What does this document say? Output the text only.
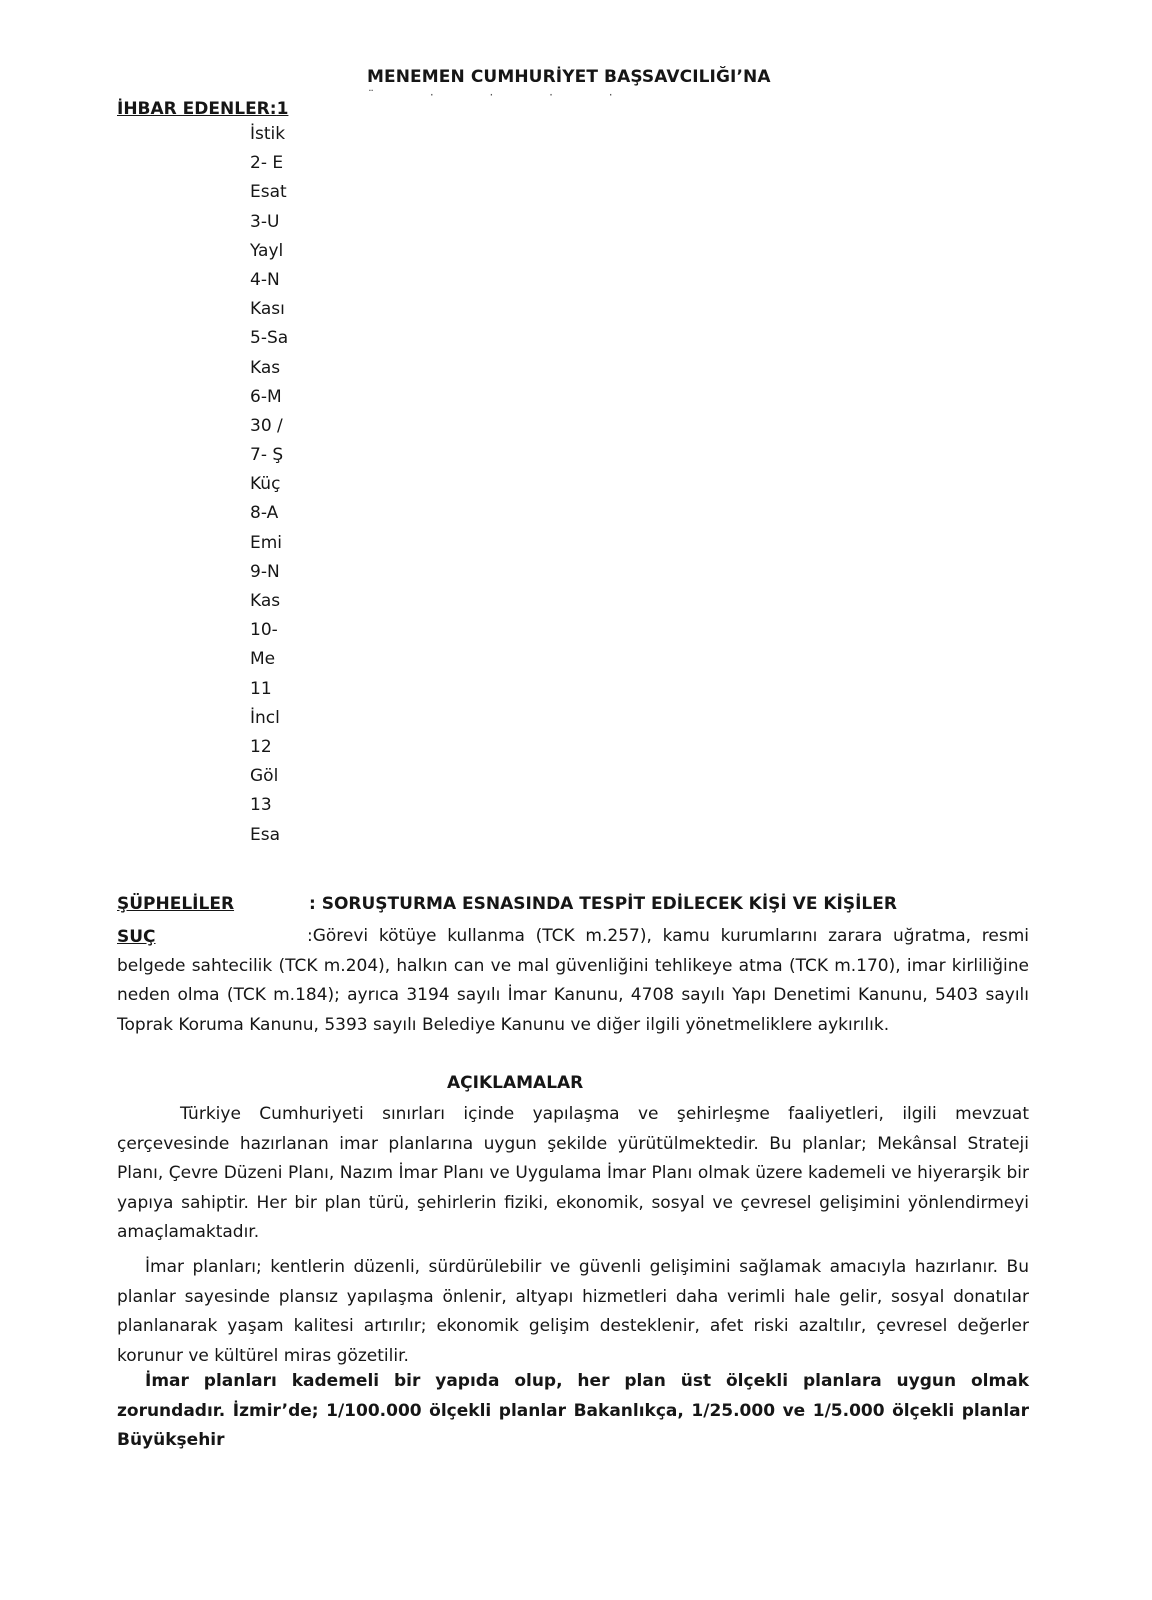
MENEMEN CUMHURİYET BAŞSAVCILIĞI’NA
¨ · · · ·
İHBAR EDENLER:1
İstik
2- E
Esat
3-U
Yayl
4-N
Kası
5-Sa
Kas
6-M
30 /
7- Ş
Küç
8-A
Emi
9-N
Kas
10-
Me
11
İncl
12
Göl
13
Esa
ŞÜPHELİLER	: SORUŞTURMA ESNASINDA TESPİT EDİLECEK KİŞİ VE KİŞİLER
SUÇ	:Görevi kötüye kullanma (TCK m.257), kamu kurumlarını zarara uğratma, resmi belgede sahtecilik (TCK m.204), halkın can ve mal güvenliğini tehlikeye atma (TCK m.170), imar kirliliğine neden olma (TCK m.184); ayrıca 3194 sayılı İmar Kanunu, 4708 sayılı Yapı Denetimi Kanunu, 5403 sayılı Toprak Koruma Kanunu, 5393 sayılı Belediye Kanunu ve diğer ilgili yönetmeliklere aykırılık.

AÇIKLAMALAR

Türkiye Cumhuriyeti sınırları içinde yapılaşma ve şehirleşme faaliyetleri, ilgili mevzuat çerçevesinde hazırlanan imar planlarına uygun şekilde yürütülmektedir. Bu planlar; Mekânsal Strateji Planı, Çevre Düzeni Planı, Nazım İmar Planı ve Uygulama İmar Planı olmak üzere kademeli ve hiyerarşik bir yapıya sahiptir. Her bir plan türü, şehirlerin fiziki, ekonomik, sosyal ve çevresel gelişimini yönlendirmeyi amaçlamaktadır.

İmar planları; kentlerin düzenli, sürdürülebilir ve güvenli gelişimini sağlamak amacıyla hazırlanır. Bu planlar sayesinde plansız yapılaşma önlenir, altyapı hizmetleri daha verimli hale gelir, sosyal donatılar planlanarak yaşam kalitesi artırılır; ekonomik gelişim desteklenir, afet riski azaltılır, çevresel değerler korunur ve kültürel miras gözetilir.

İmar planları kademeli bir yapıda olup, her plan üst ölçekli planlara uygun olmak zorundadır. İzmir’de; 1/100.000 ölçekli planlar Bakanlıkça, 1/25.000 ve 1/5.000 ölçekli planlar Büyükşehir
